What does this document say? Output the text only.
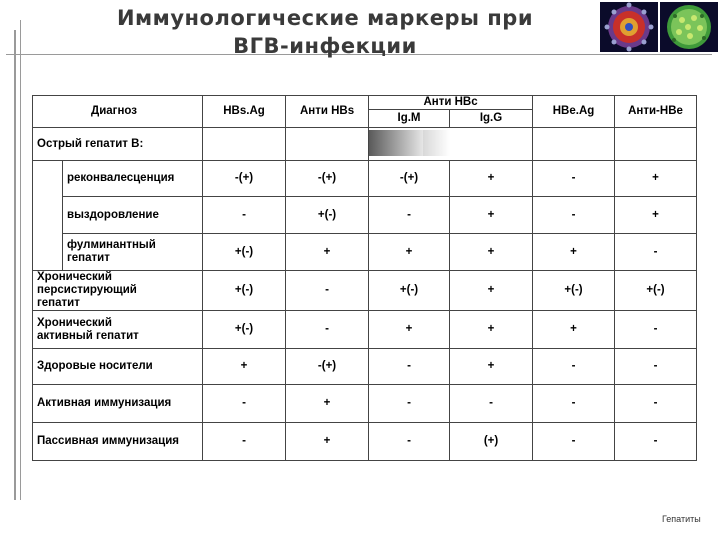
Иммунологические маркеры при
ВГВ-инфекции
Диагноз		HBs.Ag	Анти HBs	Анти HBc		HBe.Ag	Анти-HBe
				Ig.M	Ig.G		
Острый гепатит В:					

	реконвалесценция	-(+)	-(+)	-(+)	+	-	+
	выздоровление	-	+(-)	-	+	-	+
	фулминантный гепатит	+(-)	+	+	+	+	-
Хронический персистирующий гепатит		+(-)	-	+(-)	+	+(-)	+(-)
Хронический активный гепатит		+(-)	-	+	+	+	-
Здоровые носители		+	-(+)	-	+	-	-
Активная иммунизация		-	+	-	-	-	-
Пассивная иммунизация		-	+	-	(+)	-	-
Гепатиты
